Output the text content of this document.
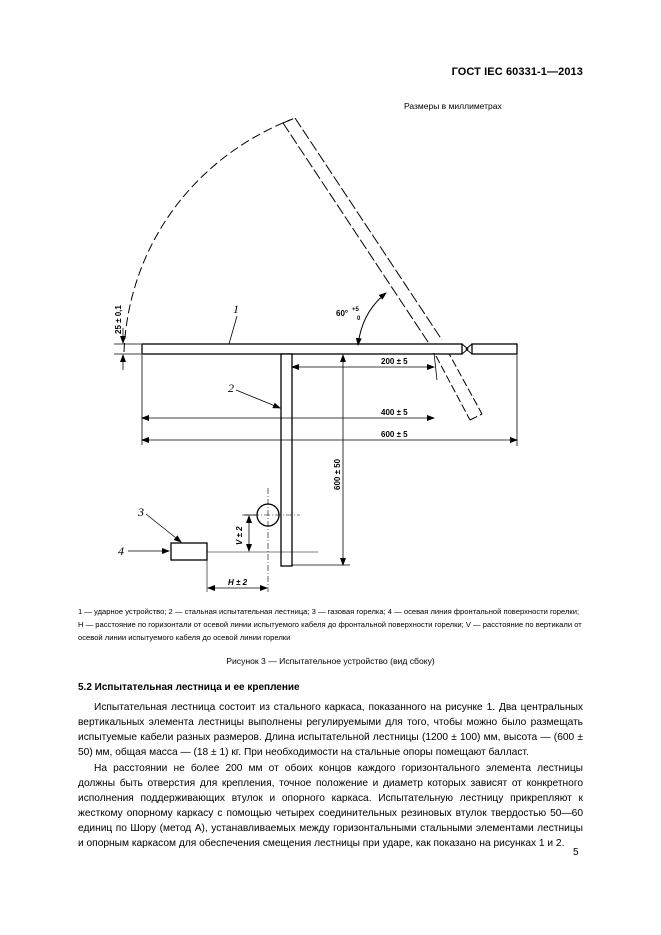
ГОСТ IEC 60331-1—2013
Размеры в миллиметрах
25 ± 0,1	60° +5
0
200 ± 5
400 ± 5
600 ± 5
600 ± 50
V ± 2
H ± 2
1
2
3
4
1 — ударное устройство; 2 — стальная испытательная лестница; 3 — газовая горелка; 4 — осевая линия фронтальной поверхности горелки; H — расстояние по горизонтали от осевой линии испытуемого кабеля до фронтальной поверхности горелки; V — расстояние по вертикали от осевой линии испытуемого кабеля до осевой линии горелки
Рисунок 3 — Испытательное устройство (вид сбоку)
5.2 Испытательная лестница и ее крепление

Испытательная лестница состоит из стального каркаса, показанного на рисунке 1. Два центральных вертикальных элемента лестницы выполнены регулируемыми для того, чтобы можно было размещать испытуемые кабели разных размеров. Длина испытательной лестницы (1200 ± 100) мм, высота — (600 ± 50) мм, общая масса — (18 ± 1) кг. При необходимости на стальные опоры помещают балласт.

На расстоянии не более 200 мм от обоих концов каждого горизонтального элемента лестницы должны быть отверстия для крепления, точное положение и диаметр которых зависят от конкретного исполнения поддерживающих втулок и опорного каркаса. Испытательную лестницу прикрепляют к жесткому опорному каркасу с помощью четырех соединительных резиновых втулок твердостью 50—60 единиц по Шору (метод А), устанавливаемых между горизонтальными стальными элементами лестницы и опорным каркасом для обеспечения смещения лестницы при ударе, как показано на рисунках 1 и 2.

5
